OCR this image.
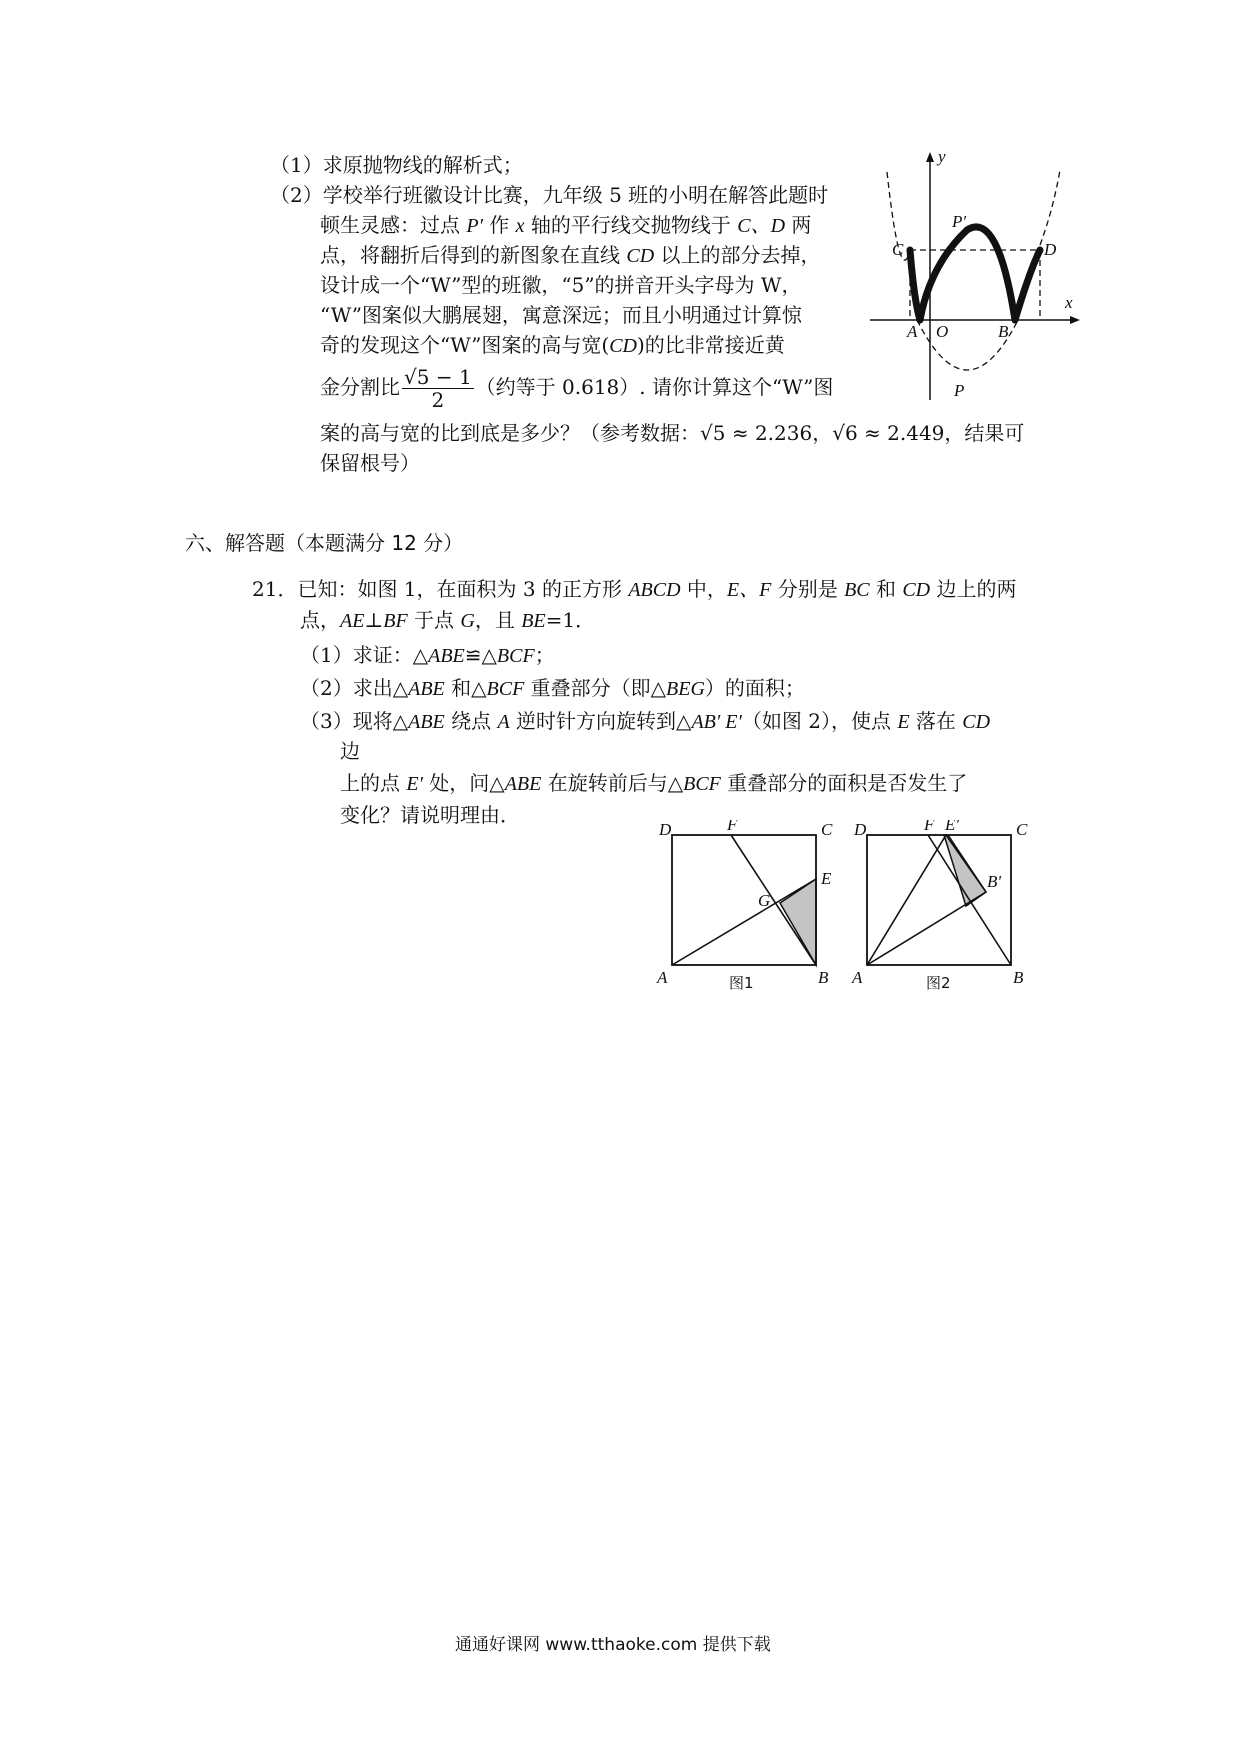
（1）求原抛物线的解析式；
（2）学校举行班徽设计比赛，九年级 5 班的小明在解答此题时
顿生灵感：过点 P′ 作 x 轴的平行线交抛物线于 C、D 两
点，将翻折后得到的新图象在直线 CD 以上的部分去掉，
设计成一个“W”型的班徽，“5”的拼音开头字母为 W，
“W”图案似大鹏展翅，寓意深远；而且小明通过计算惊
奇的发现这个“W”图案的高与宽(CD)的比非常接近黄
金分割比 $\frac{√5 - 1}{2}$ （约等于 0.618）. 请你计算这个“W”图
案的高与宽的比到底是多少？（参考数据：√5 ≈ 2.236，√6 ≈ 2.449，结果可
保留根号）
y
x
C	D
P′
A O	B
P
六、解答题（本题满分 12 分）
21．已知：如图 1，在面积为 3 的正方形 ABCD 中，E、F 分别是 BC 和 CD 边上的两
点，AE⊥BF 于点 G，且 BE=1．
（1）求证：△ABE≌△BCF；
（2）求出△ABE 和△BCF 重叠部分（即△BEG）的面积；
（3）现将△ABE 绕点 A 逆时针方向旋转到△AB′ E′（如图 2），使点 E 落在 CD
边
上的点 E′ 处，问△ABE 在旋转前后与△BCF 重叠部分的面积是否发生了
变化？请说明理由．
D	F	C
E
G
A	B
图1
D	F E'	C
B'
A	B
图2
通通好课网 www.tthaoke.com 提供下载
